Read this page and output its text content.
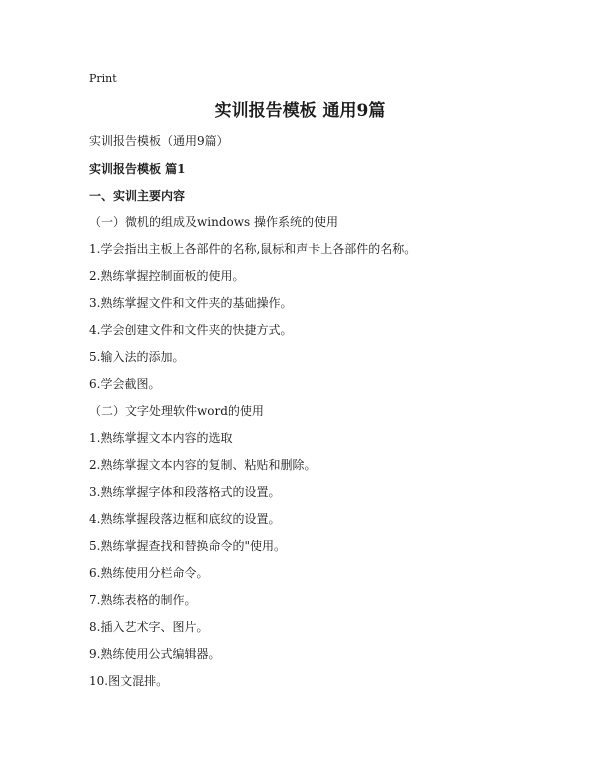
Print
实训报告模板 通用9篇

实训报告模板（通用9篇）

实训报告模板 篇1

一、实训主要内容

（一）微机的组成及windows 操作系统的使用

1.学会指出主板上各部件的名称,鼠标和声卡上各部件的名称。

2.熟练掌握控制面板的使用。

3.熟练掌握文件和文件夹的基础操作。

4.学会创建文件和文件夹的快捷方式。

5.输入法的添加。

6.学会截图。

（二）文字处理软件word的使用

1.熟练掌握文本内容的选取

2.熟练掌握文本内容的复制、粘贴和删除。

3.熟练掌握字体和段落格式的设置。

4.熟练掌握段落边框和底纹的设置。

5.熟练掌握查找和替换命令的"使用。

6.熟练使用分栏命令。

7.熟练表格的制作。

8.插入艺术字、图片。

9.熟练使用公式编辑器。

10.图文混排。
